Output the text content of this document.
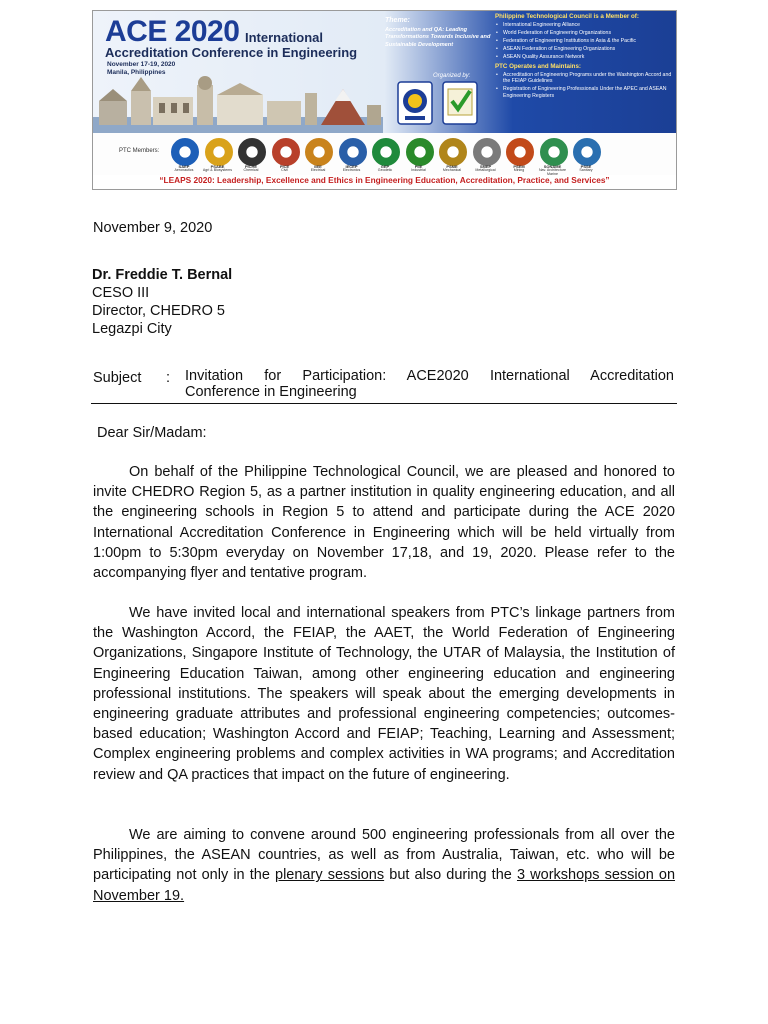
ACE 2020 International
Accreditation Conference in Engineering
November 17-19, 2020
Manila, Philippines
Theme:
Accreditation and QA: Leading Transformations Towards Inclusive and Sustainable Development
Organized by:
Philippine Technological Council is a Member of:
• International Engineering Alliance
• World Federation of Engineering Organizations
• Federation of Engineering Institutions in Asia & the Pacific
• ASEAN Federation of Engineering Organizations
• ASEAN Quality Assurance Network
PTC Operates and Maintains:
• Accreditation of Engineering Programs under the Washington Accord and the FEIAP Guidelines
• Registration of Engineering Professionals Under the APEC and ASEAN Engineering Registers
PTC Members:
SAEP
Aeronautics
PSABE
Agri & Biosystems
PICHE
Chemical
PICE
Civil
IIEE
Electrical
IECEP
Electronics
GEP
Geodetic
PIIE
Industrial
PSME
Mechanical
SMEP
Metallurgical
PSEM
Mining
SONAME
Nav. Architecture Marine
PSSE
Sanitary
“LEAPS 2020: Leadership, Excellence and Ethics in Engineering Education, Accreditation, Practice, and Services”

November 9, 2020

Dr. Freddie T. Bernal
CESO III
Director, CHEDRO 5
Legazpi City

Subject : Invitation for Participation: ACE2020 International Accreditation

Conference in Engineering

Dear Sir/Madam:

On behalf of the Philippine Technological Council, we are pleased and honored to invite CHEDRO Region 5, as a partner institution in quality engineering education, and all the engineering schools in Region 5 to attend and participate during the ACE 2020 International Accreditation Conference in Engineering which will be held virtually from 1:00pm to 5:30pm everyday on November 17,18, and 19, 2020. Please refer to the accompanying flyer and tentative program.

We have invited local and international speakers from PTC’s linkage partners from the Washington Accord, the FEIAP, the AAET, the World Federation of Engineering Organizations, Singapore Institute of Technology, the UTAR of Malaysia, the Institution of Engineering Education Taiwan, among other engineering education and engineering professional institutions. The speakers will speak about the emerging developments in engineering graduate attributes and professional engineering competencies; outcomes-based education; Washington Accord and FEIAP; Teaching, Learning and Assessment; Complex engineering problems and complex activities in WA programs; and Accreditation review and QA practices that impact on the future of engineering.

We are aiming to convene around 500 engineering professionals from all over the Philippines, the ASEAN countries, as well as from Australia, Taiwan, etc. who will be participating not only in the plenary sessions but also during the 3 workshops session on November 19.
